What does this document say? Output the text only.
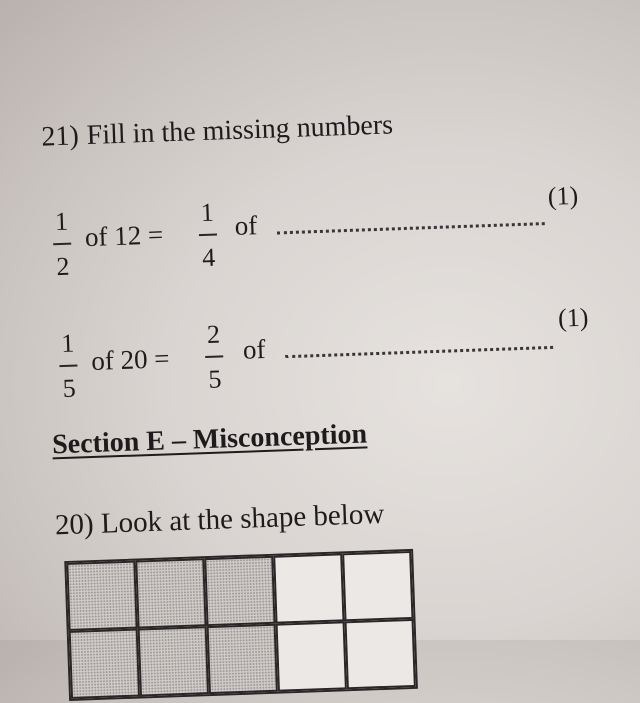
21) Fill in the missing numbers
1
2
of 12 =
1
4
of
(1)
1
5
of 20 =
2
5
of
(1)
Section E – Misconception
20) Look at the shape below
